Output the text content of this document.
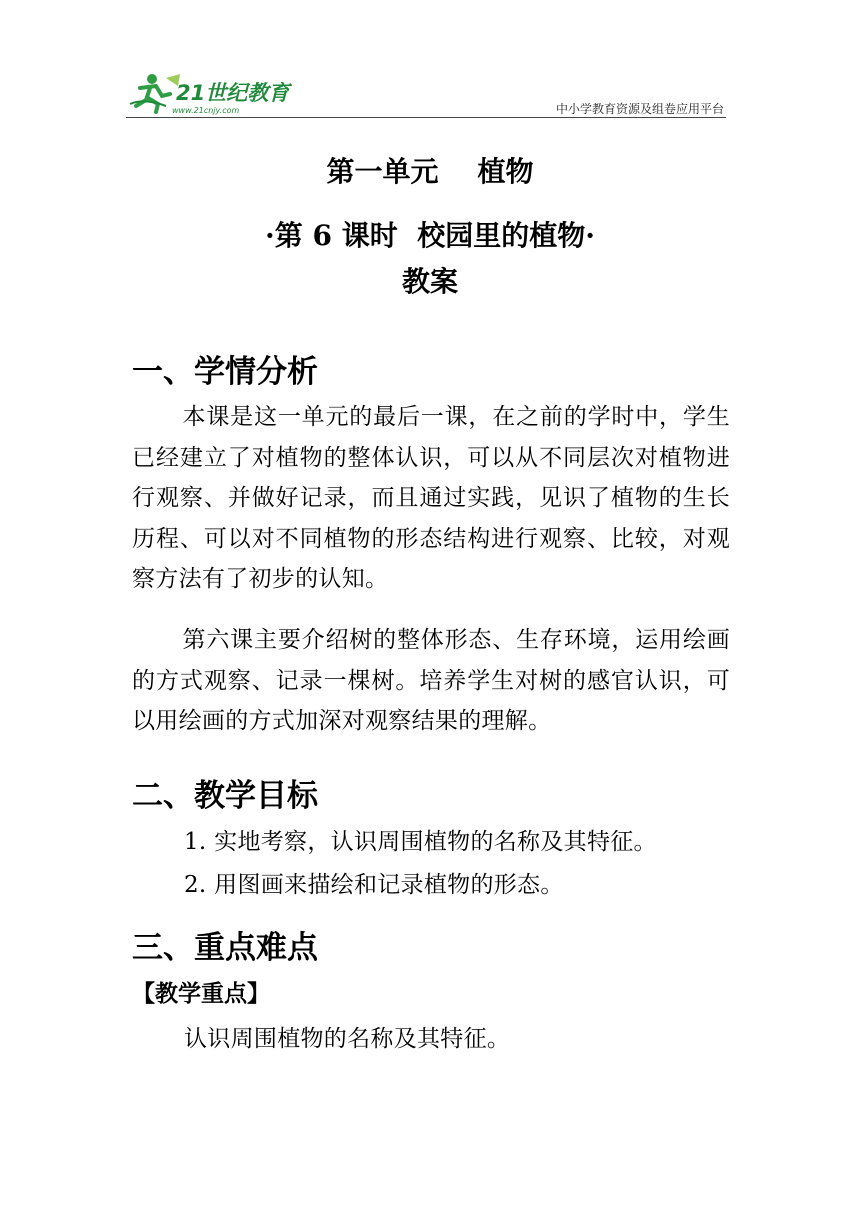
21世纪教育
www.21cnjy.com	中小学教育资源及组卷应用平台
第一单元    植物
·第 6 课时  校园里的植物·
教案
一、学情分析
本课是这一单元的最后一课，在之前的学时中，学生已经建立了对植物的整体认识，可以从不同层次对植物进行观察、并做好记录，而且通过实践，见识了植物的生长历程、可以对不同植物的形态结构进行观察、比较，对观察方法有了初步的认知。
第六课主要介绍树的整体形态、生存环境，运用绘画的方式观察、记录一棵树。培养学生对树的感官认识，可以用绘画的方式加深对观察结果的理解。
二、教学目标
1. 实地考察，认识周围植物的名称及其特征。
2. 用图画来描绘和记录植物的形态。
三、重点难点
【教学重点】
认识周围植物的名称及其特征。
